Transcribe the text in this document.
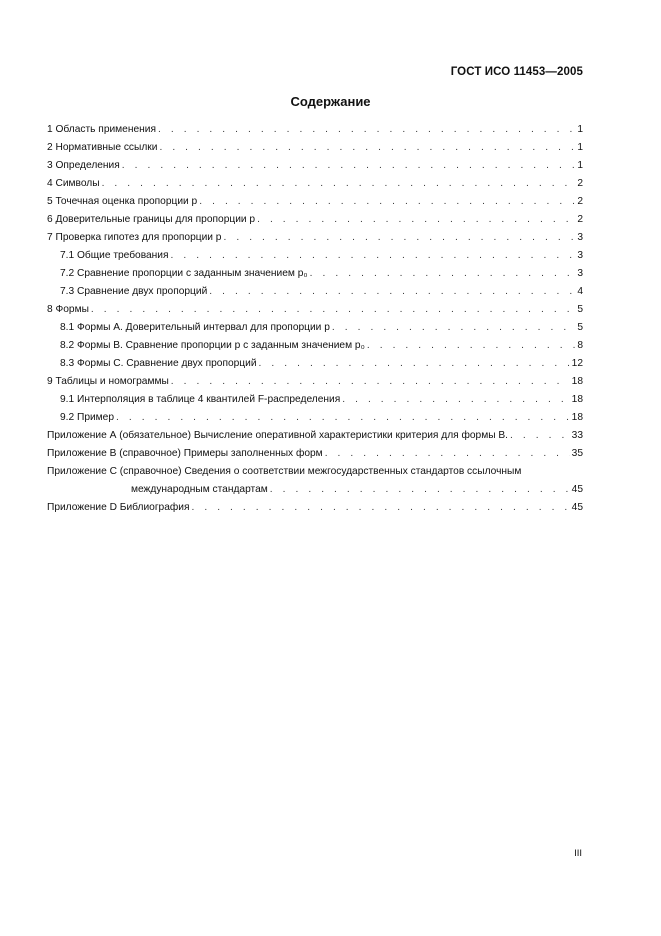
ГОСТ ИСО 11453—2005
Содержание
1 Область применения . . .	1
2 Нормативные ссылки . . .	1
3 Определения . . .	1
4 Символы . . .	2
5 Точечная оценка пропорции p . . .	2
6 Доверительные границы для пропорции p . . .	2
7 Проверка гипотез для пропорции p . . .	3
7.1 Общие требования . . .	3
7.2 Сравнение пропорции с заданным значением p₀ . . .	3
7.3 Сравнение двух пропорций . . .	4
8 Формы . . .	5
8.1 Формы А. Доверительный интервал для пропорции p . . .	5
8.2 Формы В. Сравнение пропорции p с заданным значением p₀ . . .	8
8.3 Формы С. Сравнение двух пропорций . . .	12
9 Таблицы и номограммы . . .	18
9.1 Интерполяция в таблице 4 квантилей F-распределения . . .	18
9.2 Пример . . .	18
Приложение А (обязательное) Вычисление оперативной характеристики критерия для формы В. . . .	33
Приложение В (справочное) Примеры заполненных форм . . .	35
Приложение С (справочное) Сведения о соответствии межгосударственных стандартов ссылочным
международным стандартам . . .	45
Приложение D Библиография . . .	45
III
